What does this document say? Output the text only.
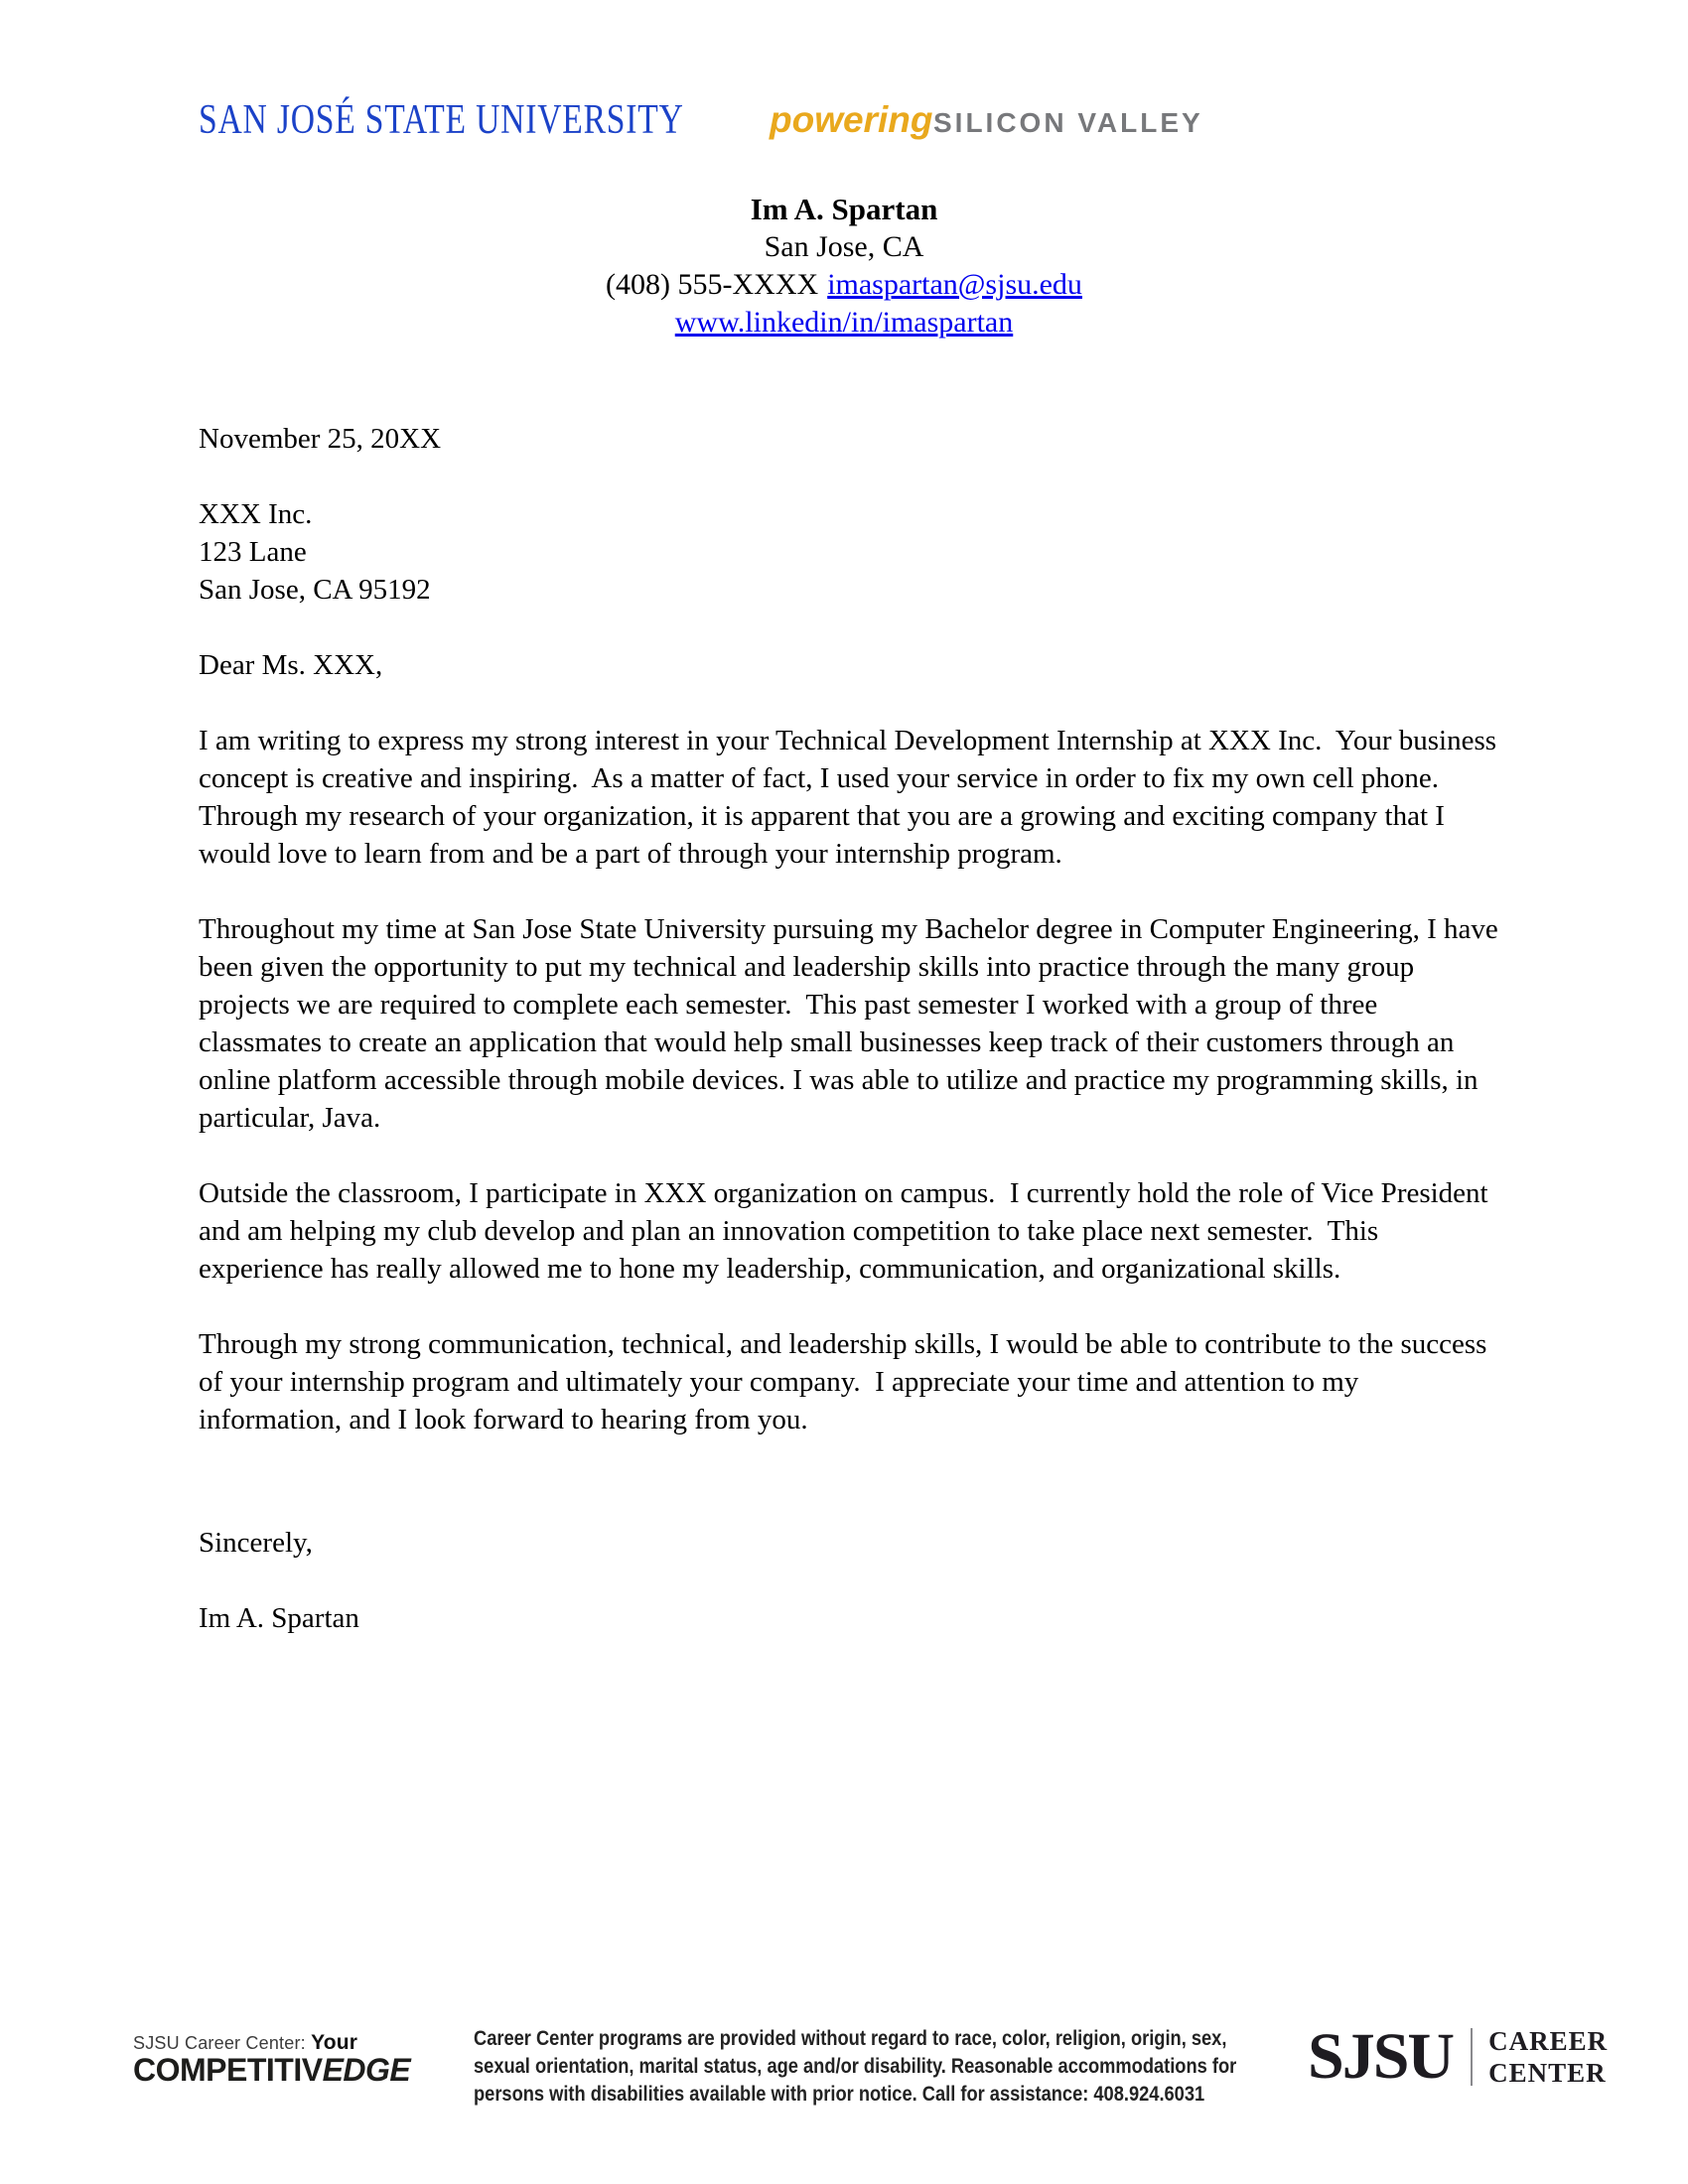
SAN JOSÉ STATE UNIVERSITY powering SILICON VALLEY
Im A. Spartan
San Jose, CA
(408) 555-XXXX imaspartan@sjsu.edu
www.linkedin/in/imaspartan
November 25, 20XX
XXX Inc.
123 Lane
San Jose, CA 95192
Dear Ms. XXX,
I am writing to express my strong interest in your Technical Development Internship at XXX Inc.  Your business concept is creative and inspiring.  As a matter of fact, I used your service in order to fix my own cell phone.  Through my research of your organization, it is apparent that you are a growing and exciting company that I would love to learn from and be a part of through your internship program.
Throughout my time at San Jose State University pursuing my Bachelor degree in Computer Engineering, I have been given the opportunity to put my technical and leadership skills into practice through the many group projects we are required to complete each semester.  This past semester I worked with a group of three classmates to create an application that would help small businesses keep track of their customers through an online platform accessible through mobile devices. I was able to utilize and practice my programming skills, in particular, Java.
Outside the classroom, I participate in XXX organization on campus.  I currently hold the role of Vice President and am helping my club develop and plan an innovation competition to take place next semester.  This experience has really allowed me to hone my leadership, communication, and organizational skills.
Through my strong communication, technical, and leadership skills, I would be able to contribute to the success of your internship program and ultimately your company.  I appreciate your time and attention to my information, and I look forward to hearing from you.
Sincerely,
Im A. Spartan
SJSU Career Center: Your
COMPETITIVEDGE
Career Center programs are provided without regard to race, color, religion, origin, sex,
sexual orientation, marital status, age and/or disability. Reasonable accommodations for
persons with disabilities available with prior notice. Call for assistance: 408.924.6031
SJSU CAREER
CENTER
